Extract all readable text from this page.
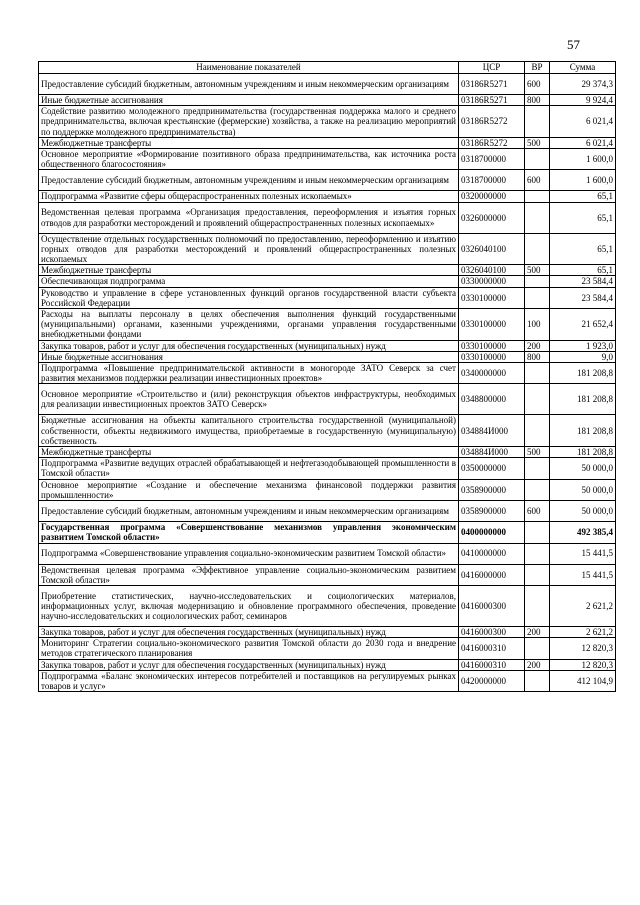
57
Наименование показателей	ЦСР	ВР	Сумма
Предоставление субсидий бюджетным, автономным учреждениям и иным некоммерческим организациям	03186R5271	600	29 374,3
Иные бюджетные ассигнования	03186R5271	800	9 924,4
Содействие развитию молодежного предпринимательства (государственная поддержка малого и среднего предпринимательства, включая крестьянские (фермерские) хозяйства, а также на реализацию мероприятий по поддержке молодежного предпринимательства)	03186R5272		6 021,4
Межбюджетные трансферты	03186R5272	500	6 021,4
Основное мероприятие «Формирование позитивного образа предпринимательства, как источника роста общественного благосостояния»	0318700000		1 600,0
Предоставление субсидий бюджетным, автономным учреждениям и иным некоммерческим организациям	0318700000	600	1 600,0
Подпрограмма «Развитие сферы общераспространенных полезных ископаемых»	0320000000		65,1
Ведомственная целевая программа «Организация предоставления, переоформления и изъятия горных отводов для разработки месторождений и проявлений общераспространенных полезных ископаемых»	0326000000		65,1
Осуществление отдельных государственных полномочий по предоставлению, переоформлению и изъятию горных отводов для разработки месторождений и проявлений общераспространенных полезных ископаемых	0326040100		65,1
Межбюджетные трансферты	0326040100	500	65,1
Обеспечивающая подпрограмма	0330000000		23 584,4
Руководство и управление в сфере установленных функций органов государственной власти субъекта Российской Федерации	0330100000		23 584,4
Расходы на выплаты персоналу в целях обеспечения выполнения функций государственными (муниципальными) органами, казенными учреждениями, органами управления государственными внебюджетными фондами	0330100000	100	21 652,4
Закупка товаров, работ и услуг для обеспечения государственных (муниципальных) нужд	0330100000	200	1 923,0
Иные бюджетные ассигнования	0330100000	800	9,0
Подпрограмма «Повышение предпринимательской активности в моногороде ЗАТО Северск за счет развития механизмов поддержки реализации инвестиционных проектов»	0340000000		181 208,8
Основное мероприятие «Строительство и (или) реконструкция объектов инфраструктуры, необходимых для реализации инвестиционных проектов ЗАТО Северск»	0348800000		181 208,8
Бюджетные ассигнования на объекты капитального строительства государственной (муниципальной) собственности, объекты недвижимого имущества, приобретаемые в государственную (муниципальную) собственность	034884И000		181 208,8
Межбюджетные трансферты	034884И000	500	181 208,8
Подпрограмма «Развитие ведущих отраслей обрабатывающей и нефтегазодобывающей промышленности в Томской области»	0350000000		50 000,0
Основное мероприятие «Создание и обеспечение механизма финансовой поддержки развития промышленности»	0358900000		50 000,0
Предоставление субсидий бюджетным, автономным учреждениям и иным некоммерческим организациям	0358900000	600	50 000,0
Государственная программа «Совершенствование механизмов управления экономическим развитием Томской области»	0400000000		492 385,4
Подпрограмма «Совершенствование управления социально-экономическим развитием Томской области»	0410000000		15 441,5
Ведомственная целевая программа «Эффективное управление социально-экономическим развитием Томской области»	0416000000		15 441,5
Приобретение статистических, научно-исследовательских и социологических материалов, информационных услуг, включая модернизацию и обновление программного обеспечения, проведение научно-исследовательских и социологических работ, семинаров	0416000300		2 621,2
Закупка товаров, работ и услуг для обеспечения государственных (муниципальных) нужд	0416000300	200	2 621,2
Мониторинг Стратегии социально-экономического развития Томской области до 2030 года и внедрение методов стратегического планирования	0416000310		12 820,3
Закупка товаров, работ и услуг для обеспечения государственных (муниципальных) нужд	0416000310	200	12 820,3
Подпрограмма «Баланс экономических интересов потребителей и поставщиков на регулируемых рынках товаров и услуг»	0420000000		412 104,9
